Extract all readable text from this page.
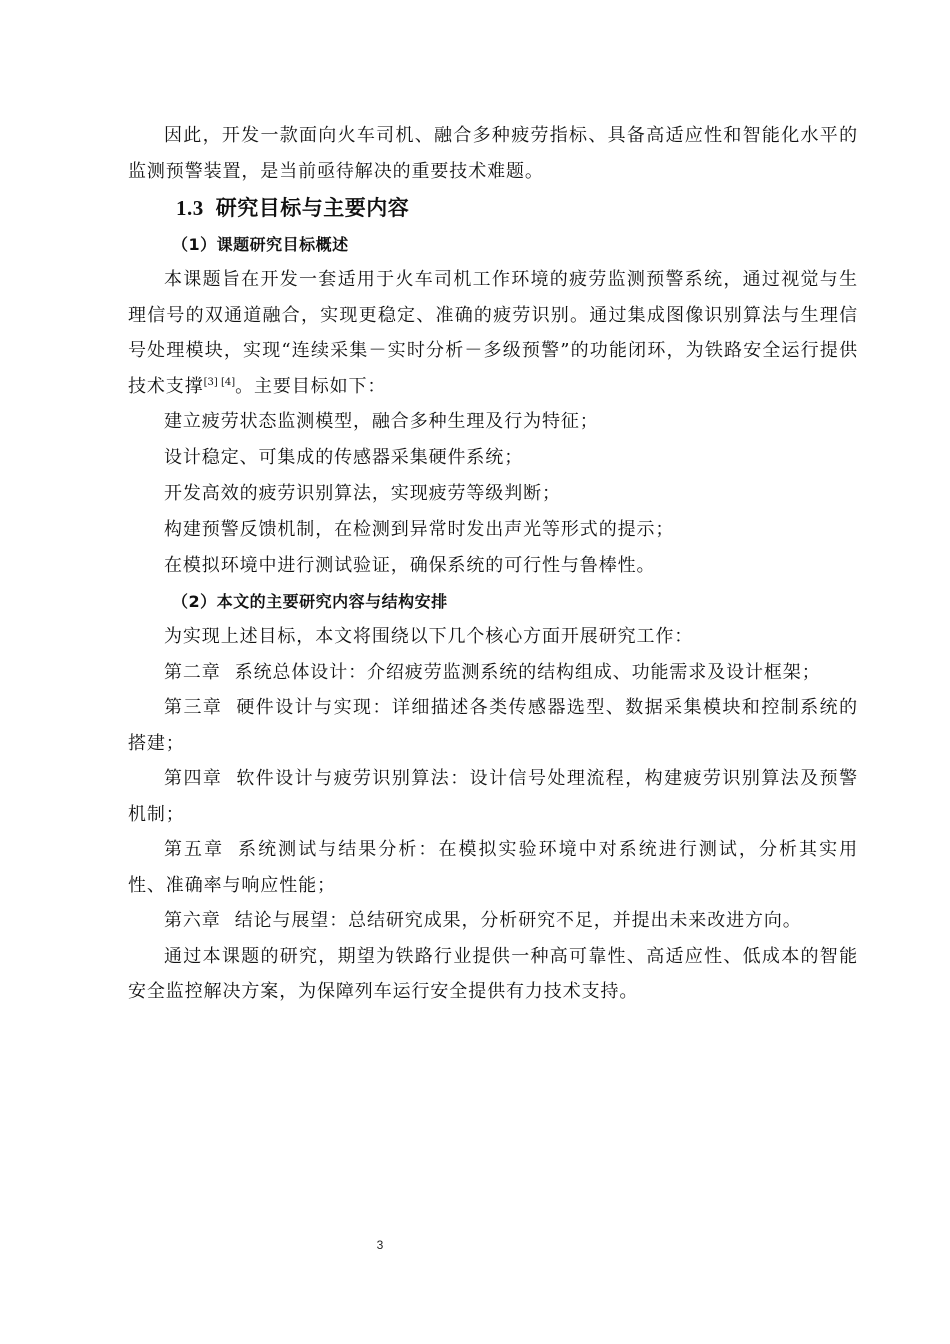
因此，开发一款面向火车司机、融合多种疲劳指标、具备高适应性和智能化水平的监测预警装置，是当前亟待解决的重要技术难题。

1.3 研究目标与主要内容
（1）课题研究目标概述

本课题旨在开发一套适用于火车司机工作环境的疲劳监测预警系统，通过视觉与生理信号的双通道融合，实现更稳定、准确的疲劳识别。通过集成图像识别算法与生理信号处理模块，实现“连续采集－实时分析－多级预警”的功能闭环，为铁路安全运行提供技术支撑[3] [4]。主要目标如下：

建立疲劳状态监测模型，融合多种生理及行为特征；

设计稳定、可集成的传感器采集硬件系统；

开发高效的疲劳识别算法，实现疲劳等级判断；

构建预警反馈机制，在检测到异常时发出声光等形式的提示；

在模拟环境中进行测试验证，确保系统的可行性与鲁棒性。

（2）本文的主要研究内容与结构安排

为实现上述目标，本文将围绕以下几个核心方面开展研究工作：

第二章 系统总体设计：介绍疲劳监测系统的结构组成、功能需求及设计框架；

第三章 硬件设计与实现：详细描述各类传感器选型、数据采集模块和控制系统的搭建；

第四章 软件设计与疲劳识别算法：设计信号处理流程，构建疲劳识别算法及预警机制；

第五章 系统测试与结果分析：在模拟实验环境中对系统进行测试，分析其实用性、准确率与响应性能；

第六章 结论与展望：总结研究成果，分析研究不足，并提出未来改进方向。

通过本课题的研究，期望为铁路行业提供一种高可靠性、高适应性、低成本的智能安全监控解决方案，为保障列车运行安全提供有力技术支持。

3
